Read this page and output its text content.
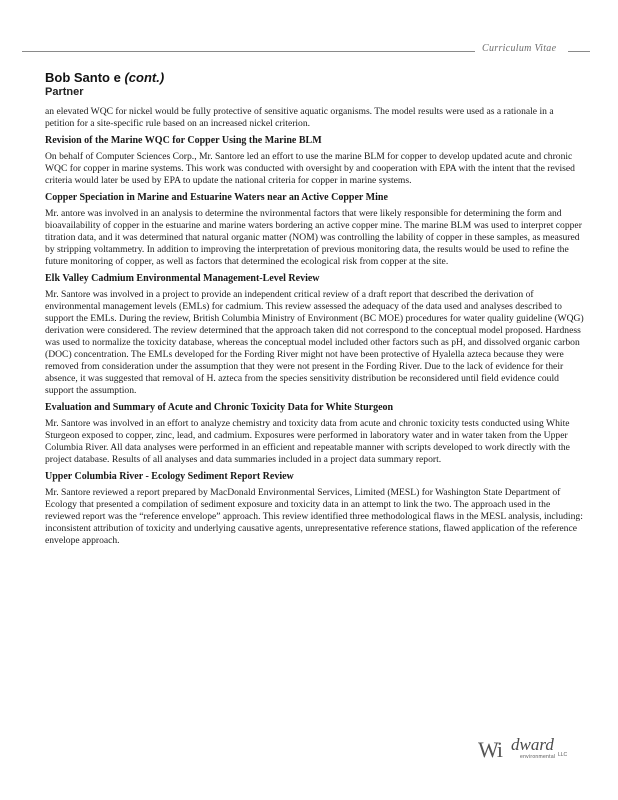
Curriculum Vitae
Bob Santo e (cont.)
Partner

an elevated WQC for nickel would be fully protective of sensitive aquatic organisms. The model results were used as a rationale in a petition for a site-specific rule based on an increased nickel criterion.

Revision of the Marine WQC for Copper Using the Marine BLM

On behalf of Computer Sciences Corp., Mr. Santore led an effort to use the marine BLM for copper to develop updated acute and chronic WQC for copper in marine systems. This work was conducted with oversight by and cooperation with EPA with the intent that the revised criteria would later be used by EPA to update the national criteria for copper in marine systems.

Copper Speciation in Marine and Estuarine Waters near an Active Copper Mine

Mr. antore was involved in an analysis to determine the nvironmental factors that were likely responsible for determining the form and bioavailability of copper in the estuarine and marine waters bordering an active copper mine. The marine BLM was used to interpret copper titration data, and it was determined that natural organic matter (NOM) was controlling the lability of copper in these samples, as measured by stripping voltammetry. In addition to improving the interpretation of previous monitoring data, the results would be used to refine the future monitoring of copper, as well as factors that determined the ecological risk from copper at the site.

Elk Valley Cadmium Environmental Management-Level Review

Mr. Santore was involved in a project to provide an independent critical review of a draft report that described the derivation of environmental management levels (EMLs) for cadmium. This review assessed the adequacy of the data used and analyses described to support the EMLs. During the review, British Columbia Ministry of Environment (BC MOE) procedures for water quality guideline (WQG) derivation were considered. The review determined that the approach taken did not correspond to the conceptual model proposed. Hardness was used to normalize the toxicity database, whereas the conceptual model included other factors such as pH, and dissolved organic carbon (DOC) concentration. The EMLs developed for the Fording River might not have been protective of Hyalella azteca because they were removed from consideration under the assumption that they were not present in the Fording River. Due to the lack of evidence for their absence, it was suggested that removal of H. azteca from the species sensitivity distribution be reconsidered until field evidence could support the assumption.

Evaluation and Summary of Acute and Chronic Toxicity Data for White Sturgeon

Mr. Santore was involved in an effort to analyze chemistry and toxicity data from acute and chronic toxicity tests conducted using White Sturgeon exposed to copper, zinc, lead, and cadmium. Exposures were performed in laboratory water and in water taken from the Upper Columbia River. All data analyses were performed in an efficient and repeatable manner with scripts developed to work directly with the project database. Results of all analyses and data summaries included in a project data summary report.

Upper Columbia River - Ecology Sediment Report Review

Mr. Santore reviewed a report prepared by MacDonald Environmental Services, Limited (MESL) for Washington State Department of Ecology that presented a compilation of sediment exposure and toxicity data in an attempt to link the two. The approach used in the reviewed report was the “reference envelope” approach. This review identified three methodological flaws in the MESL analysis, including: inconsistent attribution of toxicity and underlying causative agents, unrepresentative reference stations, flawed application of the reference envelope approach.

Wi dward
environmental LLC
